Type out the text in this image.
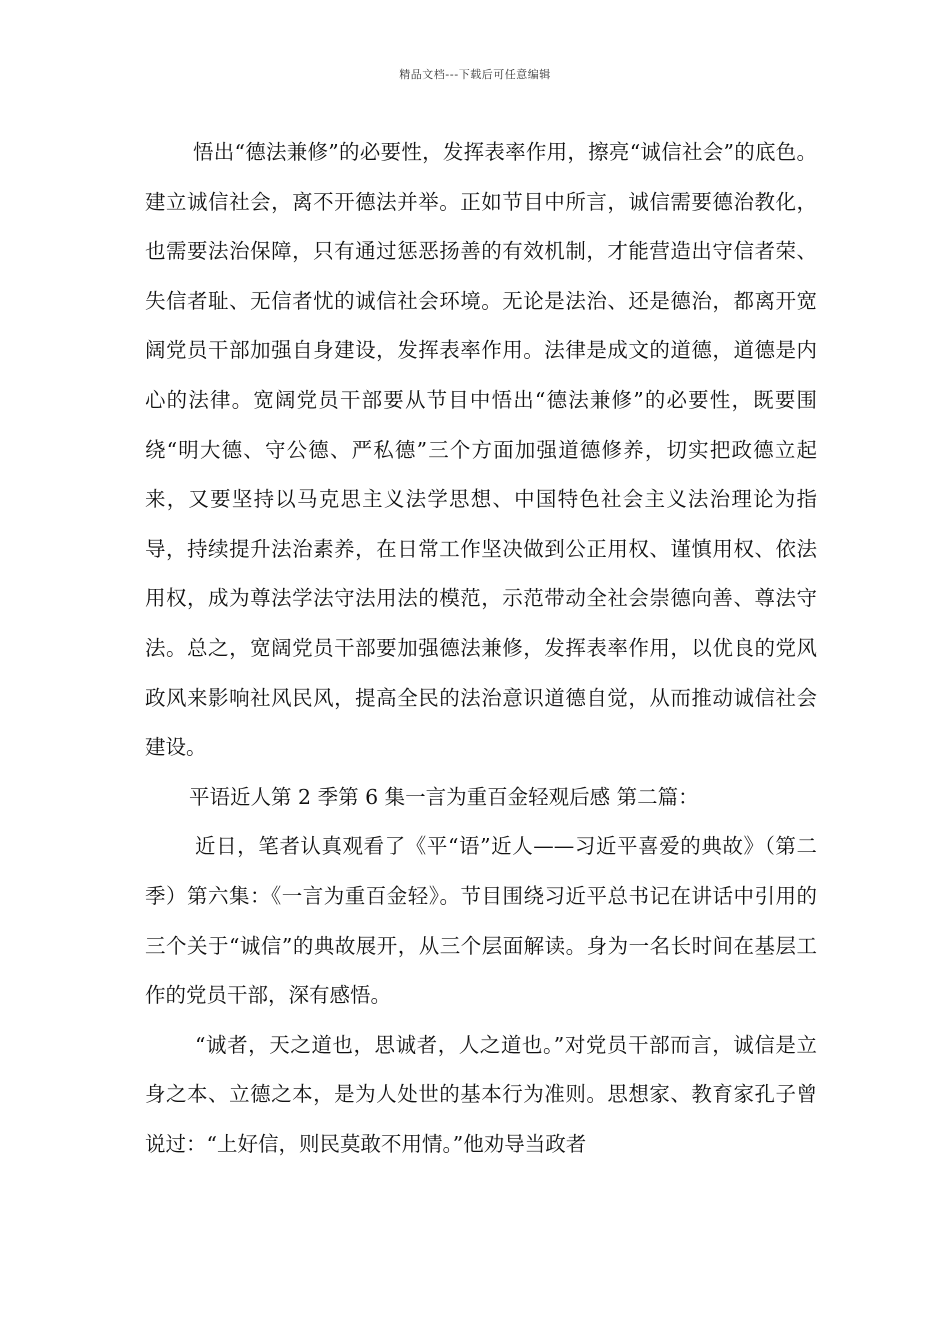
精品文档---下载后可任意编辑

悟出“德法兼修”的必要性，发挥表率作用，擦亮“诚信社会”的底色。建立诚信社会，离不开德法并举。正如节目中所言，诚信需要德治教化，也需要法治保障，只有通过惩恶扬善的有效机制，才能营造出守信者荣、失信者耻、无信者忧的诚信社会环境。无论是法治、还是德治，都离开宽阔党员干部加强自身建设，发挥表率作用。法律是成文的道德，道德是内心的法律。宽阔党员干部要从节目中悟出“德法兼修”的必要性，既要围绕“明大德、守公德、严私德”三个方面加强道德修养，切实把政德立起来，又要坚持以马克思主义法学思想、中国特色社会主义法治理论为指导，持续提升法治素养，在日常工作坚决做到公正用权、谨慎用权、依法用权，成为尊法学法守法用法的模范，示范带动全社会崇德向善、尊法守法。总之，宽阔党员干部要加强德法兼修，发挥表率作用，以优良的党风政风来影响社风民风，提高全民的法治意识道德自觉，从而推动诚信社会建设。

平语近人第 2 季第 6 集一言为重百金轻观后感 第二篇：

近日，笔者认真观看了《平“语”近人——习近平喜爱的典故》（第二季）第六集：《一言为重百金轻》。节目围绕习近平总书记在讲话中引用的三个关于“诚信”的典故展开，从三个层面解读。身为一名长时间在基层工作的党员干部，深有感悟。

“诚者，天之道也，思诚者，人之道也。”对党员干部而言，诚信是立身之本、立德之本，是为人处世的基本行为准则。思想家、教育家孔子曾说过：“上好信，则民莫敢不用情。”他劝导当政者
